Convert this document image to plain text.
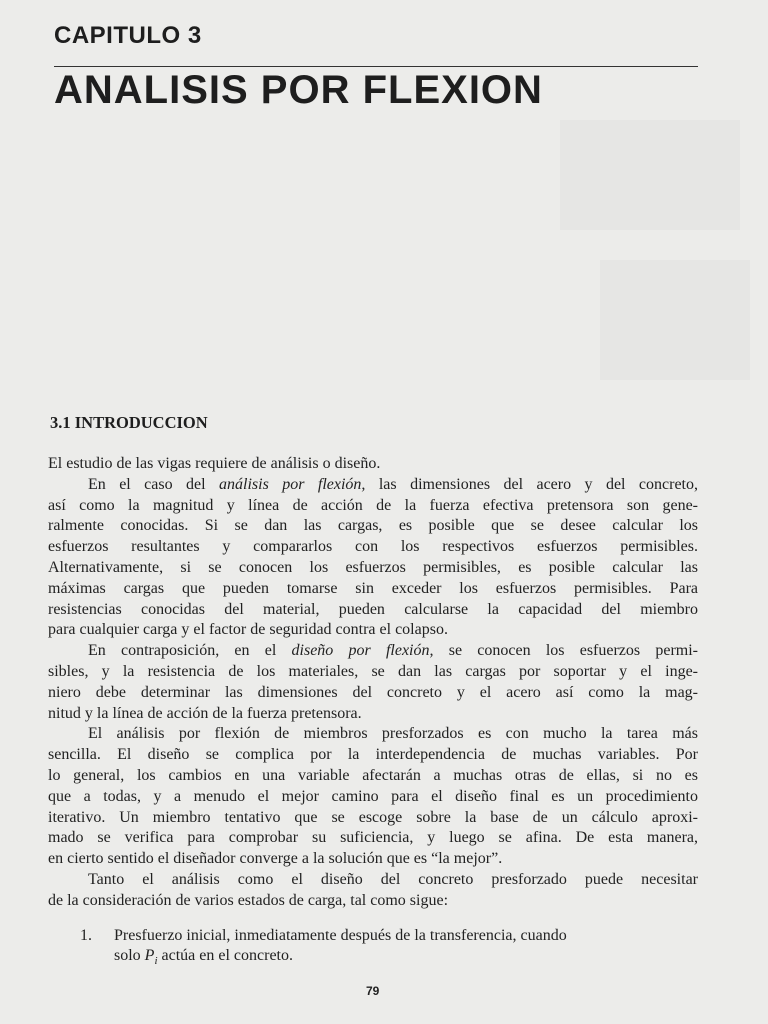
CAPITULO 3
ANALISIS POR FLEXION
3.1 INTRODUCCION
El estudio de las vigas requiere de análisis o diseño.
En el caso del análisis por flexión, las dimensiones del acero y del concreto,
así como la magnitud y línea de acción de la fuerza efectiva pretensora son gene-
ralmente conocidas. Si se dan las cargas, es posible que se desee calcular los
esfuerzos resultantes y compararlos con los respectivos esfuerzos permisibles.
Alternativamente, si se conocen los esfuerzos permisibles, es posible calcular las
máximas cargas que pueden tomarse sin exceder los esfuerzos permisibles. Para
resistencias conocidas del material, pueden calcularse la capacidad del miembro
para cualquier carga y el factor de seguridad contra el colapso.
En contraposición, en el diseño por flexión, se conocen los esfuerzos permi-
sibles, y la resistencia de los materiales, se dan las cargas por soportar y el inge-
niero debe determinar las dimensiones del concreto y el acero así como la mag-
nitud y la línea de acción de la fuerza pretensora.
El análisis por flexión de miembros presforzados es con mucho la tarea más
sencilla. El diseño se complica por la interdependencia de muchas variables. Por
lo general, los cambios en una variable afectarán a muchas otras de ellas, si no es
que a todas, y a menudo el mejor camino para el diseño final es un procedimiento
iterativo. Un miembro tentativo que se escoge sobre la base de un cálculo aproxi-
mado se verifica para comprobar su suficiencia, y luego se afina. De esta manera,
en cierto sentido el diseñador converge a la solución que es “la mejor”.
Tanto el análisis como el diseño del concreto presforzado puede necesitar
de la consideración de varios estados de carga, tal como sigue:
1. Presfuerzo inicial, inmediatamente después de la transferencia, cuando
solo $P_i$ actúa en el concreto.
79
